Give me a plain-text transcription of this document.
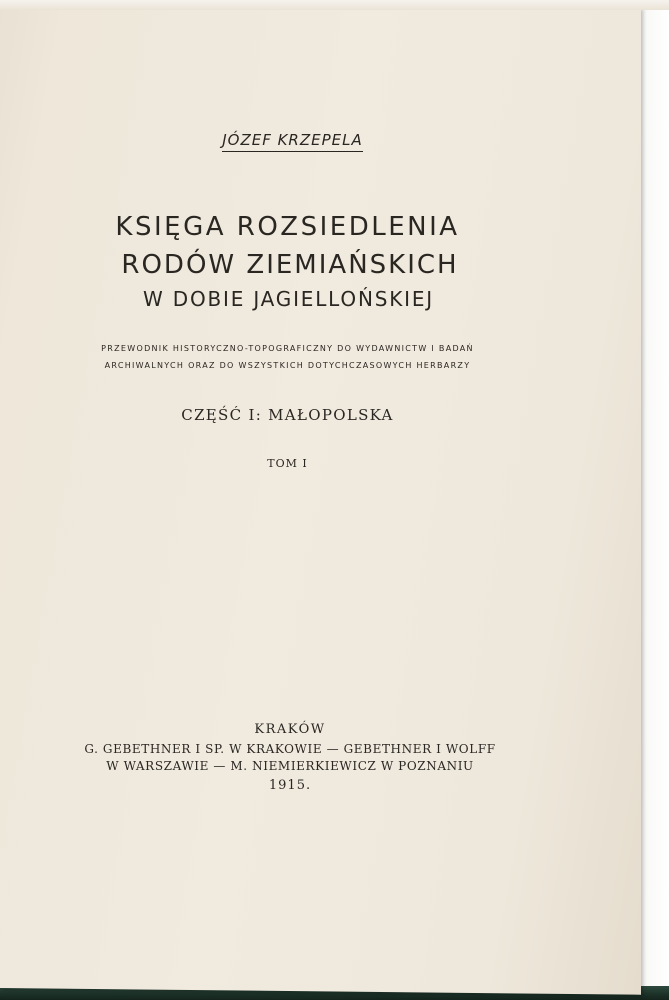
JÓZEF KRZEPELA
KSIĘGA ROZSIEDLENIA
RODÓW ZIEMIAŃSKICH
W DOBIE JAGIELLOŃSKIEJ
PRZEWODNIK HISTORYCZNO-TOPOGRAFICZNY DO WYDAWNICTW I BADAŃ
ARCHIWALNYCH ORAZ DO WSZYSTKICH DOTYCHCZASOWYCH HERBARZY
CZĘŚĆ I: MAŁOPOLSKA
TOM I
KRAKÓW
G. GEBETHNER I SP. W KRAKOWIE — GEBETHNER I WOLFF
W WARSZAWIE — M. NIEMIERKIEWICZ W POZNANIU
1915.
